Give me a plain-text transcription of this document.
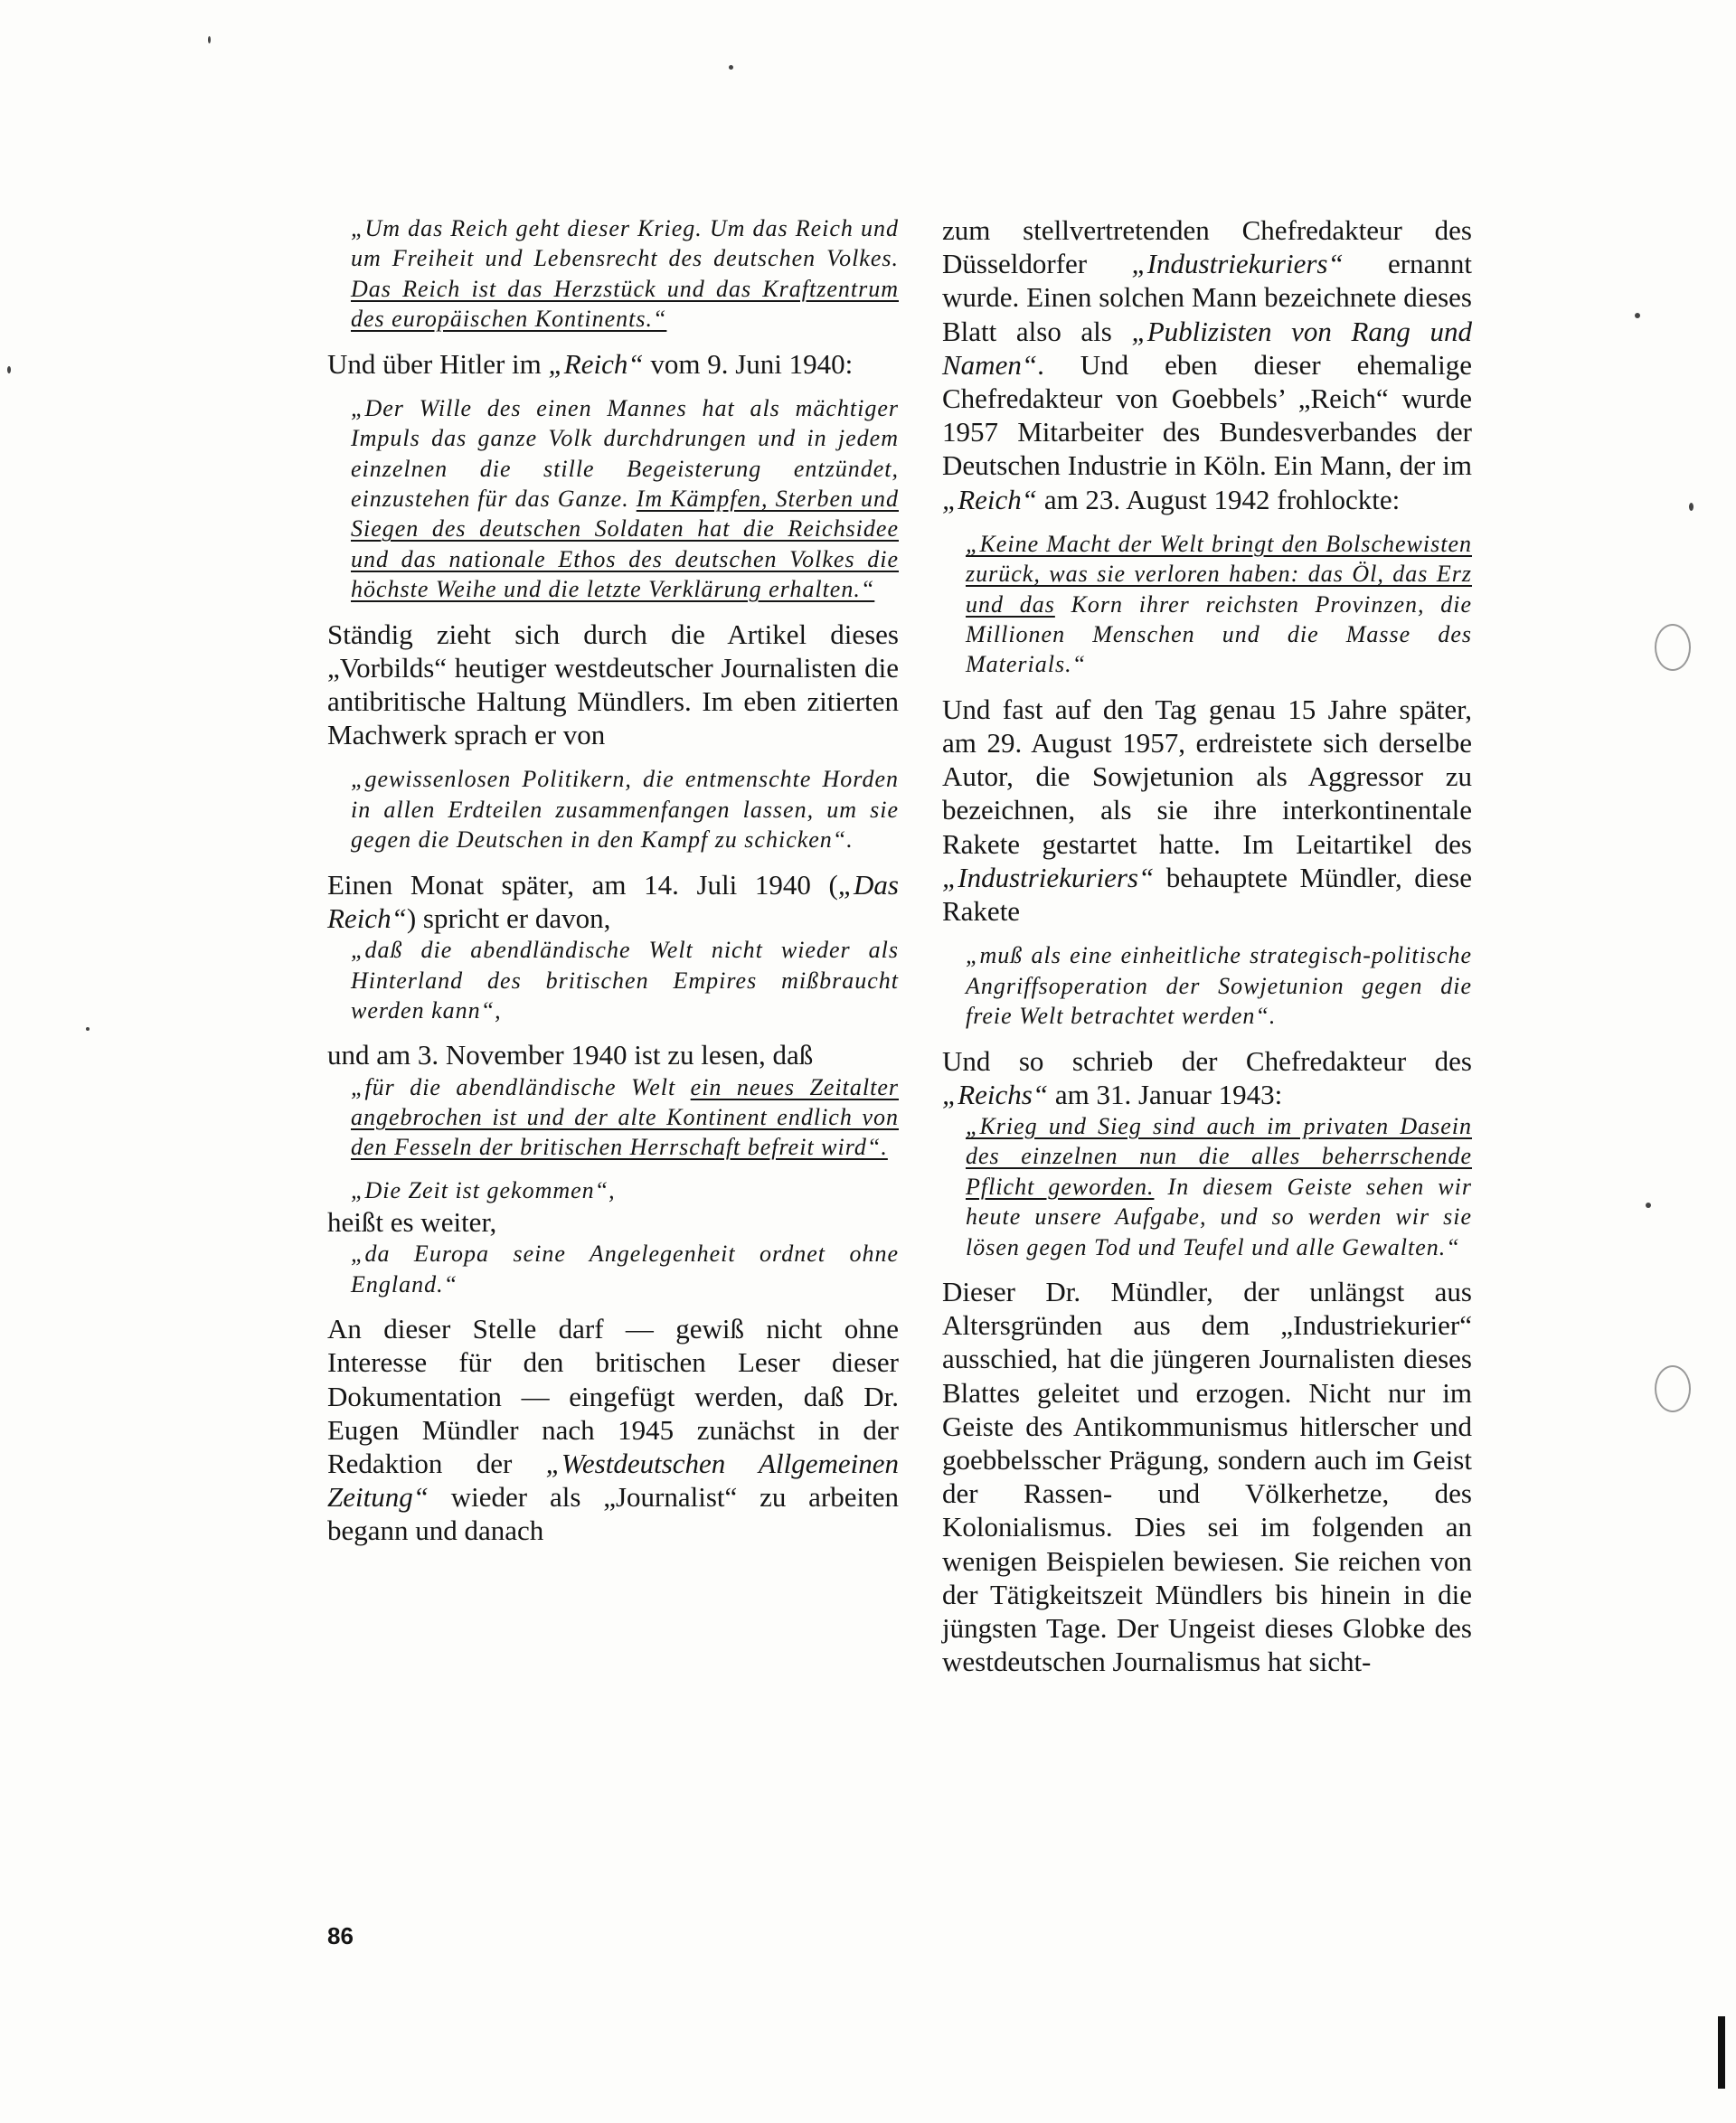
„Um das Reich geht dieser Krieg. Um das Reich und um Freiheit und Lebensrecht des deutschen Volkes. Das Reich ist das Herzstück und das Kraftzentrum des europäischen Kontinents.“

Und über Hitler im „Reich“ vom 9. Juni 1940:

„Der Wille des einen Mannes hat als mächtiger Impuls das ganze Volk durchdrungen und in jedem einzelnen die stille Begeisterung entzündet, einzustehen für das Ganze. Im Kämpfen, Sterben und Siegen des deutschen Soldaten hat die Reichsidee und das nationale Ethos des deutschen Volkes die höchste Weihe und die letzte Verklärung erhalten.“

Ständig zieht sich durch die Artikel dieses „Vorbilds“ heutiger westdeutscher Journalisten die antibritische Haltung Mündlers. Im eben zitierten Machwerk sprach er von

„gewissenlosen Politikern, die entmenschte Horden in allen Erdteilen zusammenfangen lassen, um sie gegen die Deutschen in den Kampf zu schicken“.

Einen Monat später, am 14. Juli 1940 („Das Reich“) spricht er davon,

„daß die abendländische Welt nicht wieder als Hinterland des britischen Empires mißbraucht werden kann“,

und am 3. November 1940 ist zu lesen, daß

„für die abendländische Welt ein neues Zeitalter angebrochen ist und der alte Kontinent endlich von den Fesseln der britischen Herrschaft befreit wird“.

„Die Zeit ist gekommen“,

heißt es weiter,

„da Europa seine Angelegenheit ordnet ohne England.“

An dieser Stelle darf — gewiß nicht ohne Interesse für den britischen Leser dieser Dokumentation — eingefügt werden, daß Dr. Eugen Mündler nach 1945 zunächst in der Redaktion der „Westdeutschen Allgemeinen Zeitung“ wieder als „Journalist“ zu arbeiten begann und danach

zum stellvertretenden Chefredakteur des Düsseldorfer „Industriekuriers“ ernannt wurde. Einen solchen Mann bezeichnete dieses Blatt also als „Publizisten von Rang und Namen“. Und eben dieser ehemalige Chefredakteur von Goebbels’ „Reich“ wurde 1957 Mitarbeiter des Bundesverbandes der Deutschen Industrie in Köln. Ein Mann, der im „Reich“ am 23. August 1942 frohlockte:

„Keine Macht der Welt bringt den Bolschewisten zurück, was sie verloren haben: das Öl, das Erz und das Korn ihrer reichsten Provinzen, die Millionen Menschen und die Masse des Materials.“

Und fast auf den Tag genau 15 Jahre später, am 29. August 1957, erdreistete sich derselbe Autor, die Sowjetunion als Aggressor zu bezeichnen, als sie ihre interkontinentale Rakete gestartet hatte. Im Leitartikel des „Industriekuriers“ behauptete Mündler, diese Rakete

„muß als eine einheitliche strategisch-politische Angriffsoperation der Sowjetunion gegen die freie Welt betrachtet werden“.

Und so schrieb der Chefredakteur des „Reichs“ am 31. Januar 1943:

„Krieg und Sieg sind auch im privaten Dasein des einzelnen nun die alles beherrschende Pflicht geworden. In diesem Geiste sehen wir heute unsere Aufgabe, und so werden wir sie lösen gegen Tod und Teufel und alle Gewalten.“

Dieser Dr. Mündler, der unlängst aus Altersgründen aus dem „Industriekurier“ ausschied, hat die jüngeren Journalisten dieses Blattes geleitet und erzogen. Nicht nur im Geiste des Antikommunismus hitlerscher und goebbelsscher Prägung, sondern auch im Geist der Rassen- und Völkerhetze, des Kolonialismus. Dies sei im folgenden an wenigen Beispielen bewiesen. Sie reichen von der Tätigkeitszeit Mündlers bis hinein in die jüngsten Tage. Der Ungeist dieses Globke des westdeutschen Journalismus hat sicht-

86
